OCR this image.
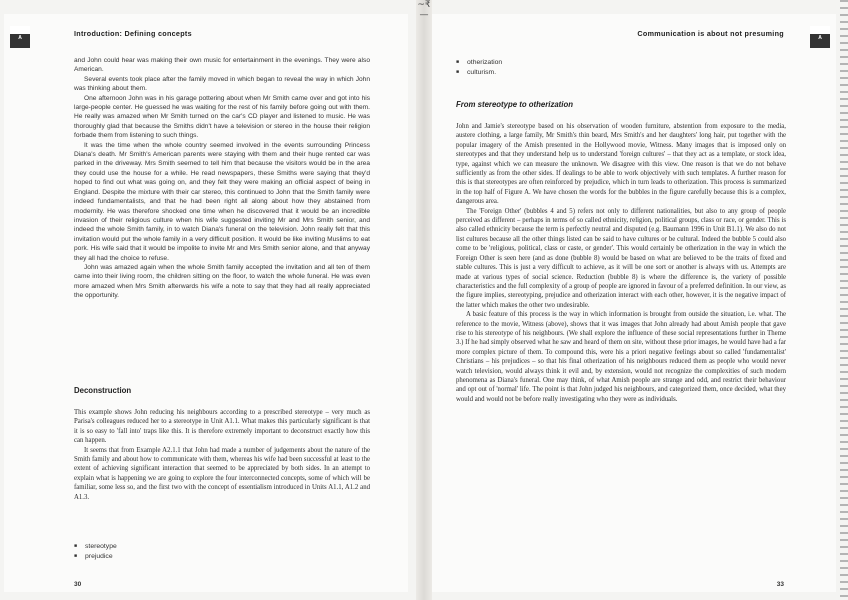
~₹—
A	Introduction: Defining concepts

and John could hear was making their own music for entertainment in the evenings. They were also American.

Several events took place after the family moved in which began to reveal the way in which John was thinking about them.

One afternoon John was in his garage pottering about when Mr Smith came over and got into his large-people center. He guessed he was waiting for the rest of his family before going out with them. He really was amazed when Mr Smith turned on the car's CD player and listened to music. He was thoroughly glad that because the Smiths didn't have a television or stereo in the house their religion forbade them from listening to such things.

It was the time when the whole country seemed involved in the events surrounding Princess Diana's death. Mr Smith's American parents were staying with them and their huge rented car was parked in the driveway. Mrs Smith seemed to tell him that because the visitors would be in the area they could use the house for a while. He read newspapers, these Smiths were saying that they'd hoped to find out what was going on, and they felt they were making an official aspect of being in England. Despite the mixture with their car stereo, this continued to John that the Smith family were indeed fundamentalists, and that he had been right all along about how they abstained from modernity. He was therefore shocked one time when he discovered that it would be an incredible invasion of their religious culture when his wife suggested inviting Mr and Mrs Smith senior, and indeed the whole Smith family, in to watch Diana's funeral on the television. John really felt that this invitation would put the whole family in a very difficult position. It would be like inviting Muslims to eat pork. His wife said that it would be impolite to invite Mr and Mrs Smith senior alone, and that anyway they all had the choice to refuse.

John was amazed again when the whole Smith family accepted the invitation and all ten of them came into their living room, the children sitting on the floor, to watch the whole funeral. He was even more amazed when Mrs Smith afterwards his wife a note to say that they had all really appreciated the opportunity.

Deconstruction

This example shows John reducing his neighbours according to a prescribed stereotype – very much as Parisa's colleagues reduced her to a stereotype in Unit A1.1. What makes this particularly significant is that it is so easy to 'fall into' traps like this. It is therefore extremely important to deconstruct exactly how this can happen.

It seems that from Example A2.1.1 that John had made a number of judgements about the nature of the Smith family and about how to communicate with them, whereas his wife had been successful at least to the extent of achieving significant interaction that seemed to be appreciated by both sides. In an attempt to explain what is happening we are going to explore the four interconnected concepts, some of which will be familiar, some less so, and the first two with the concept of essentialism introduced in Units A1.1, A1.2 and A1.3.

■ stereotype
■ prejudice
30
Communication is about not presuming	A
■ otherization
■ culturism.
From stereotype to otherization

John and Jamie's stereotype based on his observation of wooden furniture, abstention from exposure to the media, austere clothing, a large family, Mr Smith's thin beard, Mrs Smith's and her daughters' long hair, put together with the popular imagery of the Amish presented in the Hollywood movie, Witness. Many images that is imposed only on stereotypes and that they understand help us to understand 'foreign cultures' – that they act as a template, or stock idea, type, against which we can measure the unknown. We disagree with this view. One reason is that we do not behave sufficiently as from the other sides. If dealings to be able to work objectively with such templates. A further reason for this is that stereotypes are often reinforced by prejudice, which in turn leads to otherization. This process is summarized in the top half of Figure A. We have chosen the words for the bubbles in the figure carefully because this is a complex, dangerous area.

The 'Foreign Other' (bubbles 4 and 5) refers not only to different nationalities, but also to any group of people perceived as different – perhaps in terms of so called ethnicity, religion, political groups, class or race, or gender. This is also called ethnicity because the term is perfectly neutral and disputed (e.g. Baumann 1996 in Unit B1.1). We also do not list cultures because all the other things listed can be said to have cultures or be cultural. Indeed the bubble 5 could also come to be 'religious, political, class or caste, or gender'. This would certainly be otherization in the way in which the Foreign Other is seen here (and as done (bubble 8) would be based on what are believed to be the traits of fixed and stable cultures. This is just a very difficult to achieve, as it will be one sort or another is always with us. Attempts are made at various types of social science. Reduction (bubble 8) is where the difference is, the variety of possible characteristics and the full complexity of a group of people are ignored in favour of a preferred definition. In our view, as the figure implies, stereotyping, prejudice and otherization interact with each other, however, it is the negative impact of the latter which makes the other two undesirable.

A basic feature of this process is the way in which information is brought from outside the situation, i.e. what. The reference to the movie, Witness (above), shows that it was images that John already had about Amish people that gave rise to his stereotype of his neighbours. (We shall explore the influence of these social representations further in Theme 3.) If he had simply observed what he saw and heard of them on site, without these prior images, he would have had a far more complex picture of them. To compound this, were his a priori negative feelings about so called 'fundamentalist' Christians – his prejudices – so that his final otherization of his neighbours reduced them as people who would never watch television, would always think it evil and, by extension, would not recognize the complexities of such modern phenomena as Diana's funeral. One may think, of what Amish people are strange and odd, and restrict their behaviour and opt out of 'normal' life. The point is that John judged his neighbours, and categorized them, once decided, what they would and would not be before really investigating who they were as individuals.

33
